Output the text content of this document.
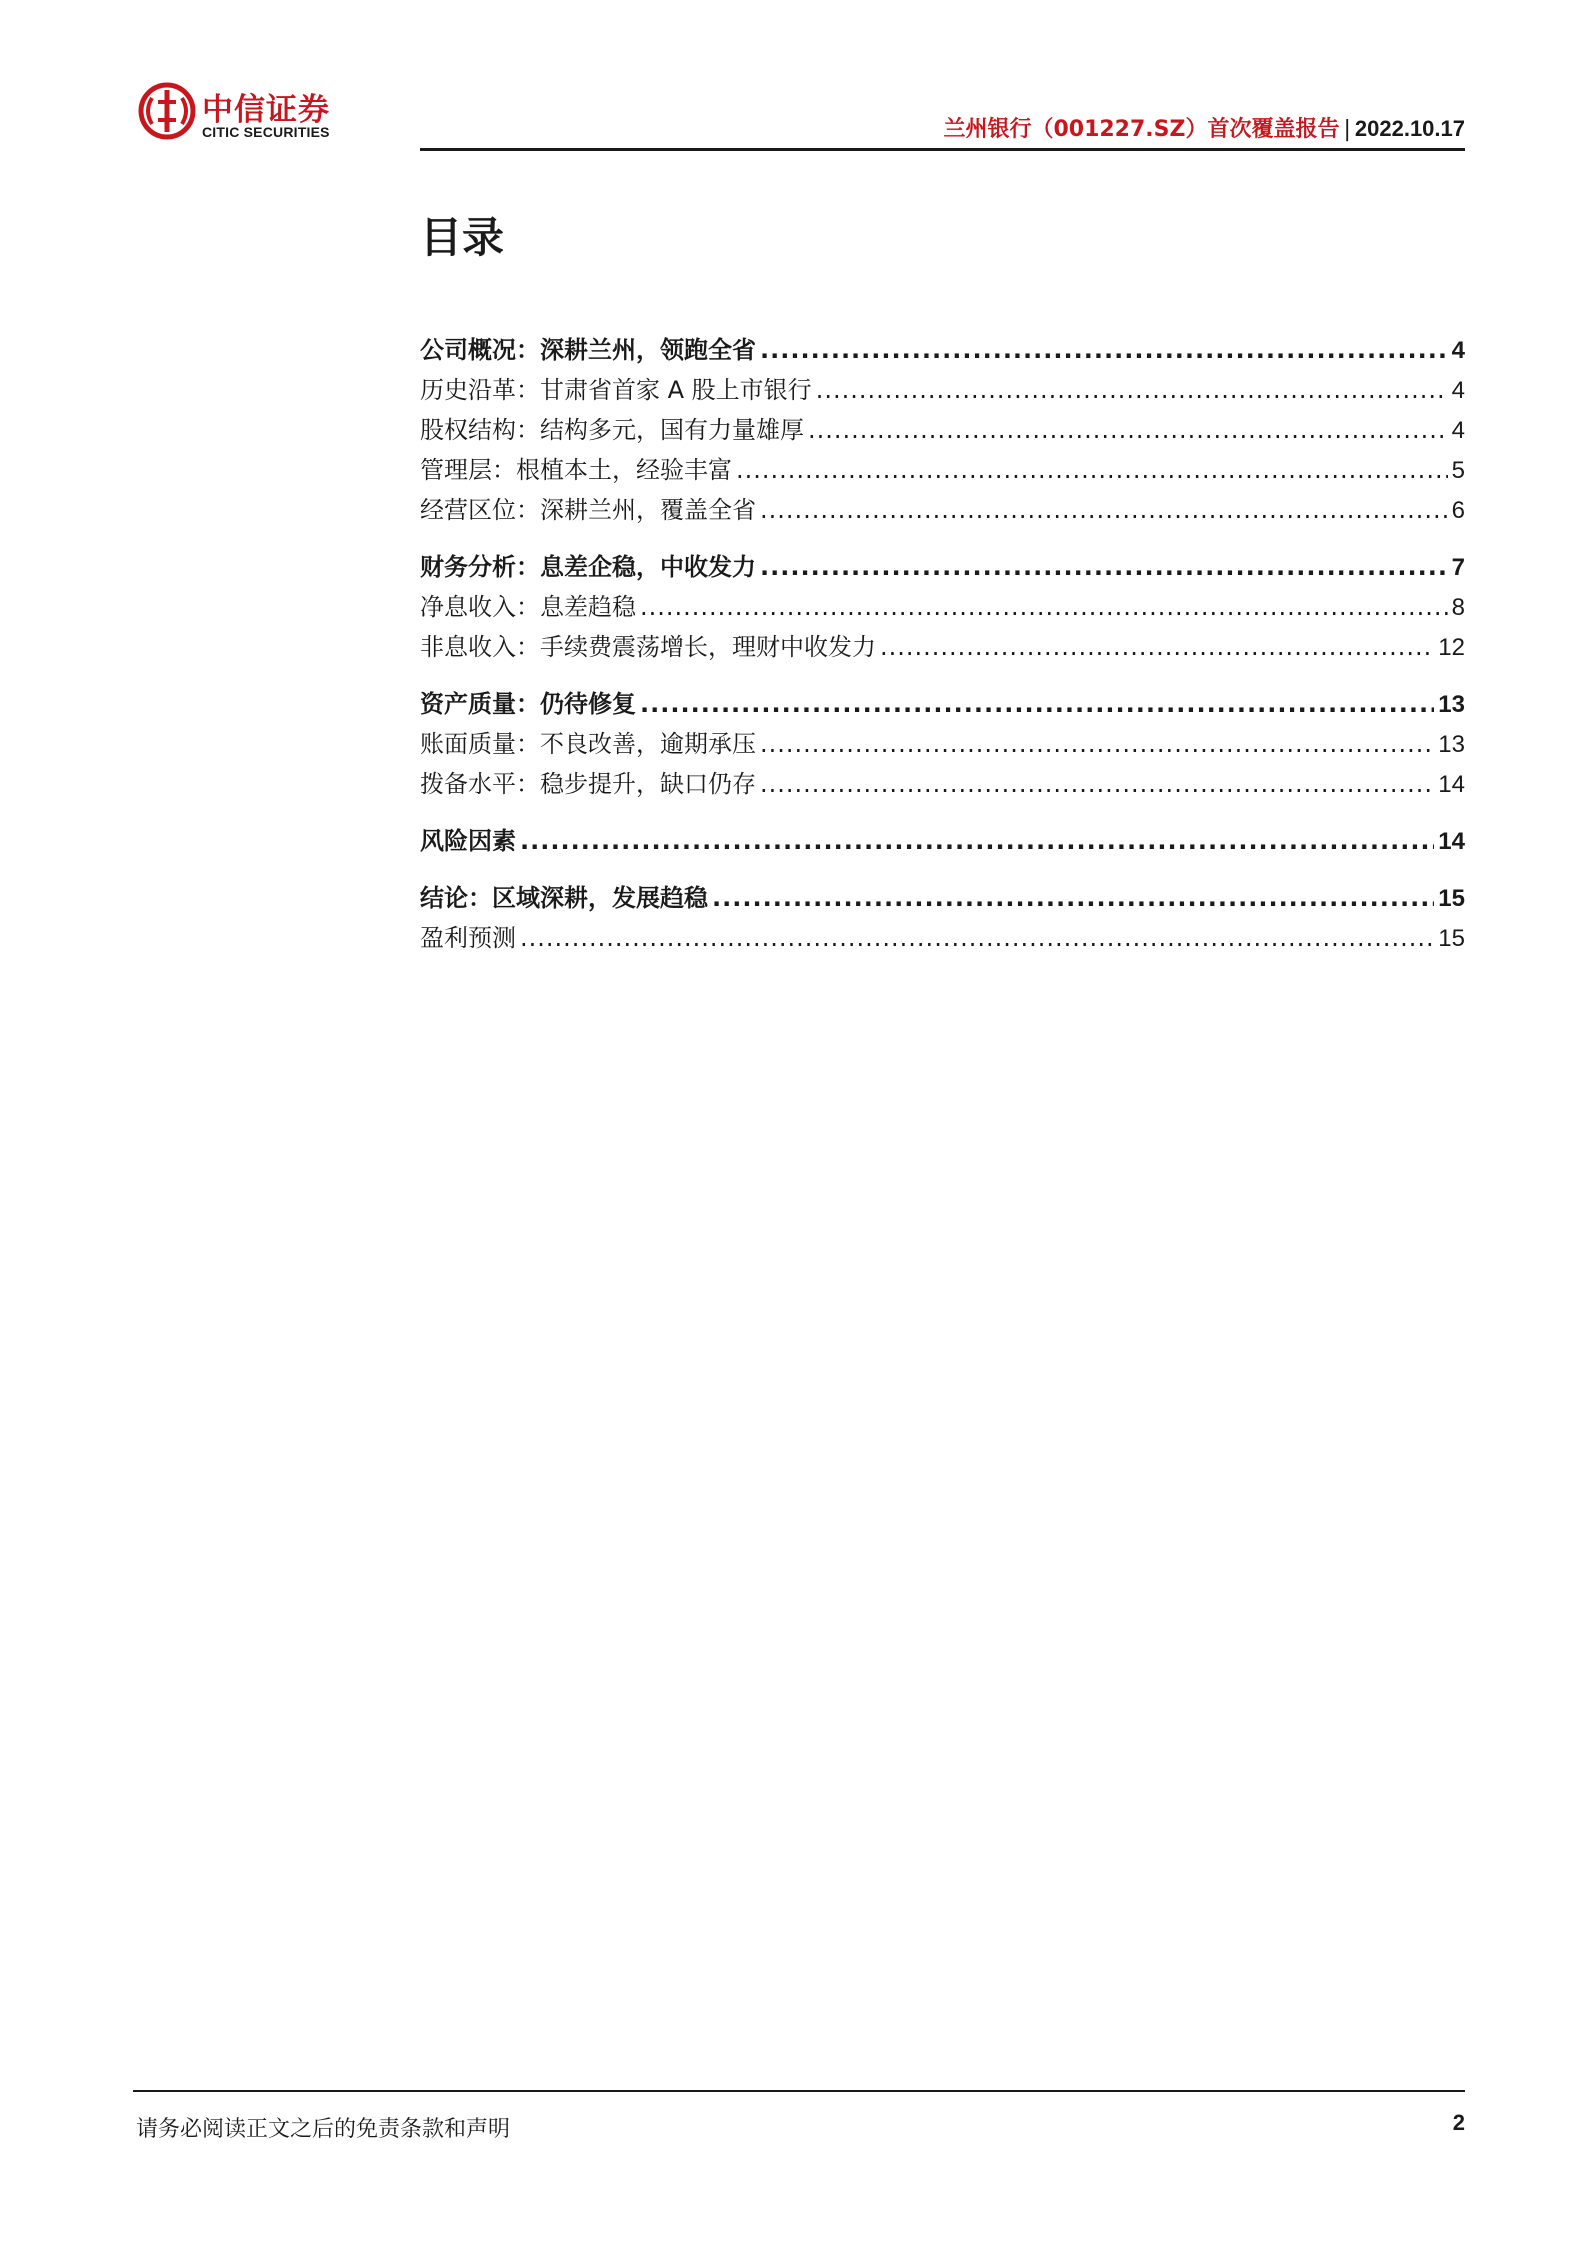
中信证券
CITIC SECURITIES	兰州银行（001227.SZ）首次覆盖报告 | 2022.10.17
目录
公司概况：深耕兰州，领跑全省 .....	4
历史沿革：甘肃省首家 A 股上市银行 .....	4
股权结构：结构多元，国有力量雄厚 .....	4
管理层：根植本土，经验丰富 .....	5
经营区位：深耕兰州，覆盖全省 .....	6
财务分析：息差企稳，中收发力 .....	7
净息收入：息差趋稳 .....	8
非息收入：手续费震荡增长，理财中收发力 .....	12
资产质量：仍待修复 .....	13
账面质量：不良改善，逾期承压 .....	13
拨备水平：稳步提升，缺口仍存 .....	14
风险因素 .....	14
结论：区域深耕，发展趋稳 .....	15
盈利预测 .....	15
请务必阅读正文之后的免责条款和声明	2
